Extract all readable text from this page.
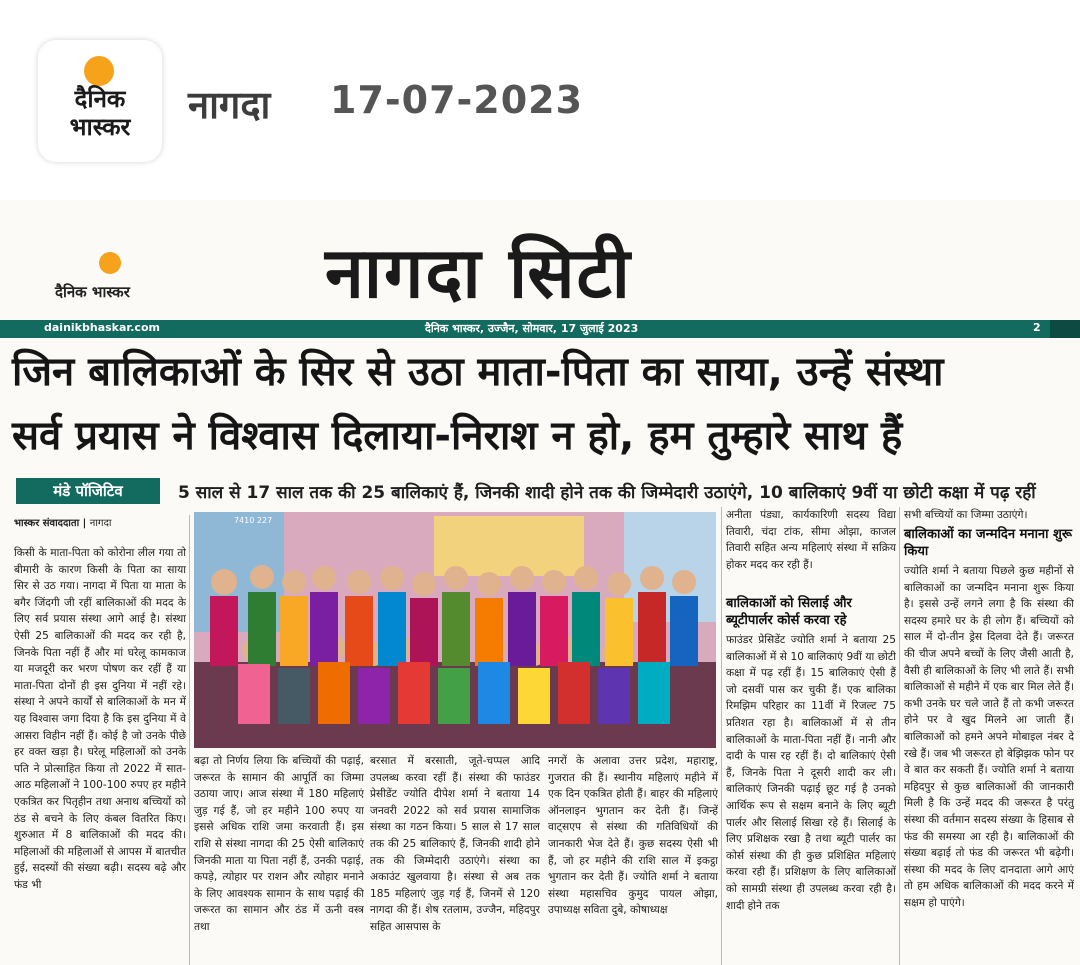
दैनिक
भास्कर	नागदा 17-07-2023
दैनिक भास्कर	नागदा सिटी
dainikbhaskar.com	दैनिक भास्कर, उज्जैन, सोमवार, 17 जुलाई 2023	2
जिन बालिकाओं के सिर से उठा माता-पिता का साया, उन्हें संस्था
सर्व प्रयास ने विश्वास दिलाया-निराश न हो, हम तुम्हारे साथ हैं
मंडे पॉजिटिव	5 साल से 17 साल तक की 25 बालिकाएं हैं, जिनकी शादी होने तक की जिम्मेदारी उठाएंगे, 10 बालिकाएं 9वीं या छोटी कक्षा में पढ़ रहीं
भास्कर संवाददाता | नागदा	7410 227
किसी के माता-पिता को कोरोना लील गया तो बीमारी के कारण किसी के पिता का साया सिर से उठ गया। नागदा में पिता या माता के बगैर जिंदगी जी रहीं बालिकाओं की मदद के लिए सर्व प्रयास संस्था आगे आई है। संस्था ऐसी 25 बालिकाओं की मदद कर रही है, जिनके पिता नहीं हैं और मां घरेलू कामकाज या मजदूरी कर भरण पोषण कर रहीं हैं या माता-पिता दोनों ही इस दुनिया में नहीं रहे। संस्था ने अपने कार्यों से बालिकाओं के मन में यह विश्वास जगा दिया है कि इस दुनिया में वे आसरा विहीन नहीं हैं। कोई है जो उनके पीछे हर वक्त खड़ा है। घरेलू महिलाओं को उनके पति ने प्रोत्साहित किया तो 2022 में सात-आठ महिलाओं ने 100-100 रुपए हर महीने एकत्रित कर पितृहीन तथा अनाथ बच्चियों को ठंड से बचने के लिए कंबल वितरित किए। शुरुआत में 8 बालिकाओं की मदद की। महिलाओं की महिलाओं से आपस में बातचीत हुई, सदस्यों की संख्या बढ़ी। सदस्य बढ़े और फंड भी
बढ़ा तो निर्णय लिया कि बच्चियों की पढ़ाई, जरूरत के सामान की आपूर्ति का जिम्मा उठाया जाए। आज संस्था में 180 महिलाएं जुड़ गई हैं, जो हर महीने 100 रुपए या इससे अधिक राशि जमा करवाती हैं। इस राशि से संस्था नागदा की 25 ऐसी बालिकाएं जिनकी माता या पिता नहीं हैं, उनकी पढ़ाई, कपड़े, त्योहार पर राशन और त्योहार मनाने के लिए आवश्यक सामान के साथ पढ़ाई की जरूरत का सामान और ठंड में ऊनी वस्त्र तथा
बरसात में बरसाती, जूते-चप्पल आदि उपलब्ध करवा रहीं हैं। संस्था की फाउंडर प्रेसीडेंट ज्योति दीपेश शर्मा ने बताया 14 जनवरी 2022 को सर्व प्रयास सामाजिक संस्था का गठन किया। 5 साल से 17 साल तक की 25 बालिकाएं हैं, जिनकी शादी होने तक की जिम्मेदारी उठाएंगे। संस्था का अकाउंट खुलवाया है। संस्था से अब तक 185 महिलाएं जुड़ गई हैं, जिनमें से 120 नागदा की हैं। शेष रतलाम, उज्जैन, महिदपुर सहित आसपास के
नगरों के अलावा उत्तर प्रदेश, महाराष्ट्र, गुजरात की हैं। स्थानीय महिलाएं महीने में एक दिन एकत्रित होती हैं। बाहर की महिलाएं ऑनलाइन भुगतान कर देती हैं। जिन्हें वाट्सएप से संस्था की गतिविधियों की जानकारी भेज देते हैं। कुछ सदस्य ऐसी भी हैं, जो हर महीने की राशि साल में इकट्ठा भुगतान कर देती हैं। ज्योति शर्मा ने बताया संस्था महासचिव कुमुद पायल ओझा, उपाध्यक्ष सविता दुबे, कोषाध्यक्ष
अनीता पंड्या, कार्यकारिणी सदस्य विद्या तिवारी, चंदा टांक, सीमा ओझा, काजल तिवारी सहित अन्य महिलाएं संस्था में सक्रिय होकर मदद कर रही हैं।
बालिकाओं को सिलाई और ब्यूटीपार्लर कोर्स करवा रहे
फाउंडर प्रेसिडेंट ज्योति शर्मा ने बताया 25 बालिकाओं में से 10 बालिकाएं 9वीं या छोटी कक्षा में पढ़ रहीं हैं। 15 बालिकाएं ऐसी हैं जो दसवीं पास कर चुकी हैं। एक बालिका रिमझिम परिहार का 11वीं में रिजल्ट 75 प्रतिशत रहा है। बालिकाओं में से तीन बालिकाओं के माता-पिता नहीं हैं। नानी और दादी के पास रह रहीं हैं। दो बालिकाएं ऐसी हैं, जिनके पिता ने दूसरी शादी कर ली। बालिकाएं जिनकी पढ़ाई छूट गई है उनको आर्थिक रूप से सक्षम बनाने के लिए ब्यूटी पार्लर और सिलाई सिखा रहे हैं। सिलाई के लिए प्रशिक्षक रखा है तथा ब्यूटी पार्लर का कोर्स संस्था की ही कुछ प्रशिक्षित महिलाएं करवा रही हैं। प्रशिक्षण के लिए बालिकाओं को सामग्री संस्था ही उपलब्ध करवा रही है। शादी होने तक
सभी बच्चियों का जिम्मा उठाएंगे।
बालिकाओं का जन्मदिन मनाना शुरू किया
ज्योति शर्मा ने बताया पिछले कुछ महीनों से बालिकाओं का जन्मदिन मनाना शुरू किया है। इससे उन्हें लगने लगा है कि संस्था की सदस्य हमारे घर के ही लोग हैं। बच्चियों को साल में दो-तीन ड्रेस दिलवा देते हैं। जरूरत की चीज अपने बच्चों के लिए जैसी आती है, वैसी ही बालिकाओं के लिए भी लाते हैं। सभी बालिकाओं से महीने में एक बार मिल लेते हैं। कभी उनके घर चले जाते हैं तो कभी जरूरत होने पर वे खुद मिलने आ जाती हैं। बालिकाओं को हमने अपने मोबाइल नंबर दे रखे हैं। जब भी जरूरत हो बेझिझक फोन पर वे बात कर सकती हैं। ज्योति शर्मा ने बताया महिदपुर से कुछ बालिकाओं की जानकारी मिली है कि उन्हें मदद की जरूरत है परंतु संस्था की वर्तमान सदस्य संख्या के हिसाब से फंड की समस्या आ रही है। बालिकाओं की संख्या बढ़ाई तो फंड की जरूरत भी बढ़ेगी। संस्था की मदद के लिए दानदाता आगे आएं तो हम अधिक बालिकाओं की मदद करने में सक्षम हो पाएंगे।
